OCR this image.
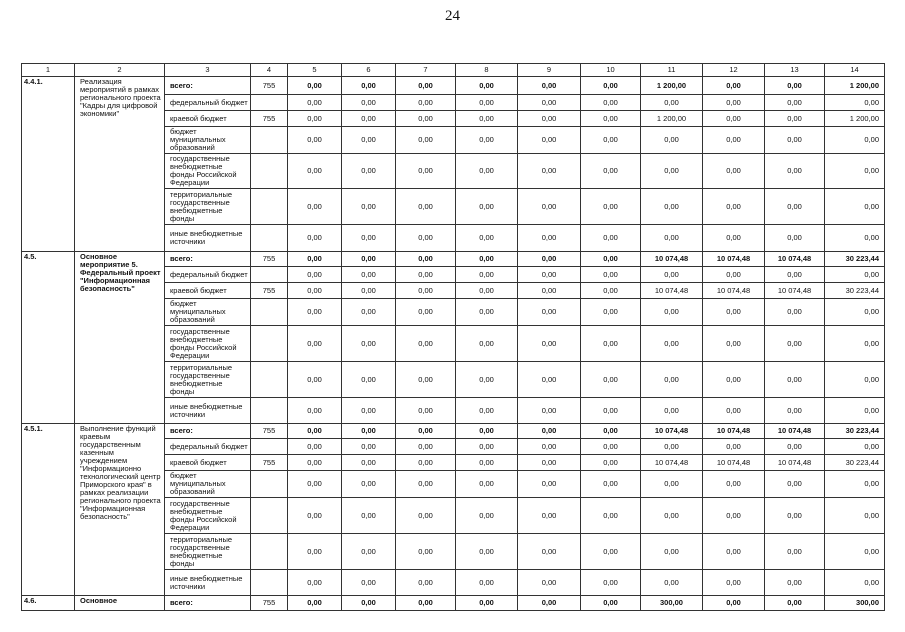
24
1	2	3	4	5	6	7	8	9	10	11	12	13	14
4.4.1.	Реализация мероприятий в рамках регионального проекта "Кадры для цифровой экономики"	всего:	755	0,00	0,00	0,00	0,00	0,00	0,00	1 200,00	0,00	0,00	1 200,00
		федеральный бюджет		0,00	0,00	0,00	0,00	0,00	0,00	0,00	0,00	0,00	0,00
		краевой бюджет	755	0,00	0,00	0,00	0,00	0,00	0,00	1 200,00	0,00	0,00	1 200,00
		бюджет муниципальных образований		0,00	0,00	0,00	0,00	0,00	0,00	0,00	0,00	0,00	0,00
		государственные внебюджетные фонды Российской Федерации		0,00	0,00	0,00	0,00	0,00	0,00	0,00	0,00	0,00	0,00
		территориальные государственные внебюджетные фонды		0,00	0,00	0,00	0,00	0,00	0,00	0,00	0,00	0,00	0,00
		иные внебюджетные источники		0,00	0,00	0,00	0,00	0,00	0,00	0,00	0,00	0,00	0,00
4.5.	Основное мероприятие 5. Федеральный проект "Информационная безопасность"	всего:	755	0,00	0,00	0,00	0,00	0,00	0,00	10 074,48	10 074,48	10 074,48	30 223,44
		федеральный бюджет		0,00	0,00	0,00	0,00	0,00	0,00	0,00	0,00	0,00	0,00
		краевой бюджет	755	0,00	0,00	0,00	0,00	0,00	0,00	10 074,48	10 074,48	10 074,48	30 223,44
		бюджет муниципальных образований		0,00	0,00	0,00	0,00	0,00	0,00	0,00	0,00	0,00	0,00
		государственные внебюджетные фонды Российской Федерации		0,00	0,00	0,00	0,00	0,00	0,00	0,00	0,00	0,00	0,00
		территориальные государственные внебюджетные фонды		0,00	0,00	0,00	0,00	0,00	0,00	0,00	0,00	0,00	0,00
		иные внебюджетные источники		0,00	0,00	0,00	0,00	0,00	0,00	0,00	0,00	0,00	0,00
4.5.1.	Выполнение функций краевым государственным казенным учреждением "Информационно технологический центр Приморского края" в рамках реализации регионального проекта "Информационная безопасность"	всего:	755	0,00	0,00	0,00	0,00	0,00	0,00	10 074,48	10 074,48	10 074,48	30 223,44
		федеральный бюджет		0,00	0,00	0,00	0,00	0,00	0,00	0,00	0,00	0,00	0,00
		краевой бюджет	755	0,00	0,00	0,00	0,00	0,00	0,00	10 074,48	10 074,48	10 074,48	30 223,44
		бюджет муниципальных образований		0,00	0,00	0,00	0,00	0,00	0,00	0,00	0,00	0,00	0,00
		государственные внебюджетные фонды Российской Федерации		0,00	0,00	0,00	0,00	0,00	0,00	0,00	0,00	0,00	0,00
		территориальные государственные внебюджетные фонды		0,00	0,00	0,00	0,00	0,00	0,00	0,00	0,00	0,00	0,00
		иные внебюджетные источники		0,00	0,00	0,00	0,00	0,00	0,00	0,00	0,00	0,00	0,00
4.6.	Основное	всего:	755	0,00	0,00	0,00	0,00	0,00	0,00	300,00	0,00	0,00	300,00
